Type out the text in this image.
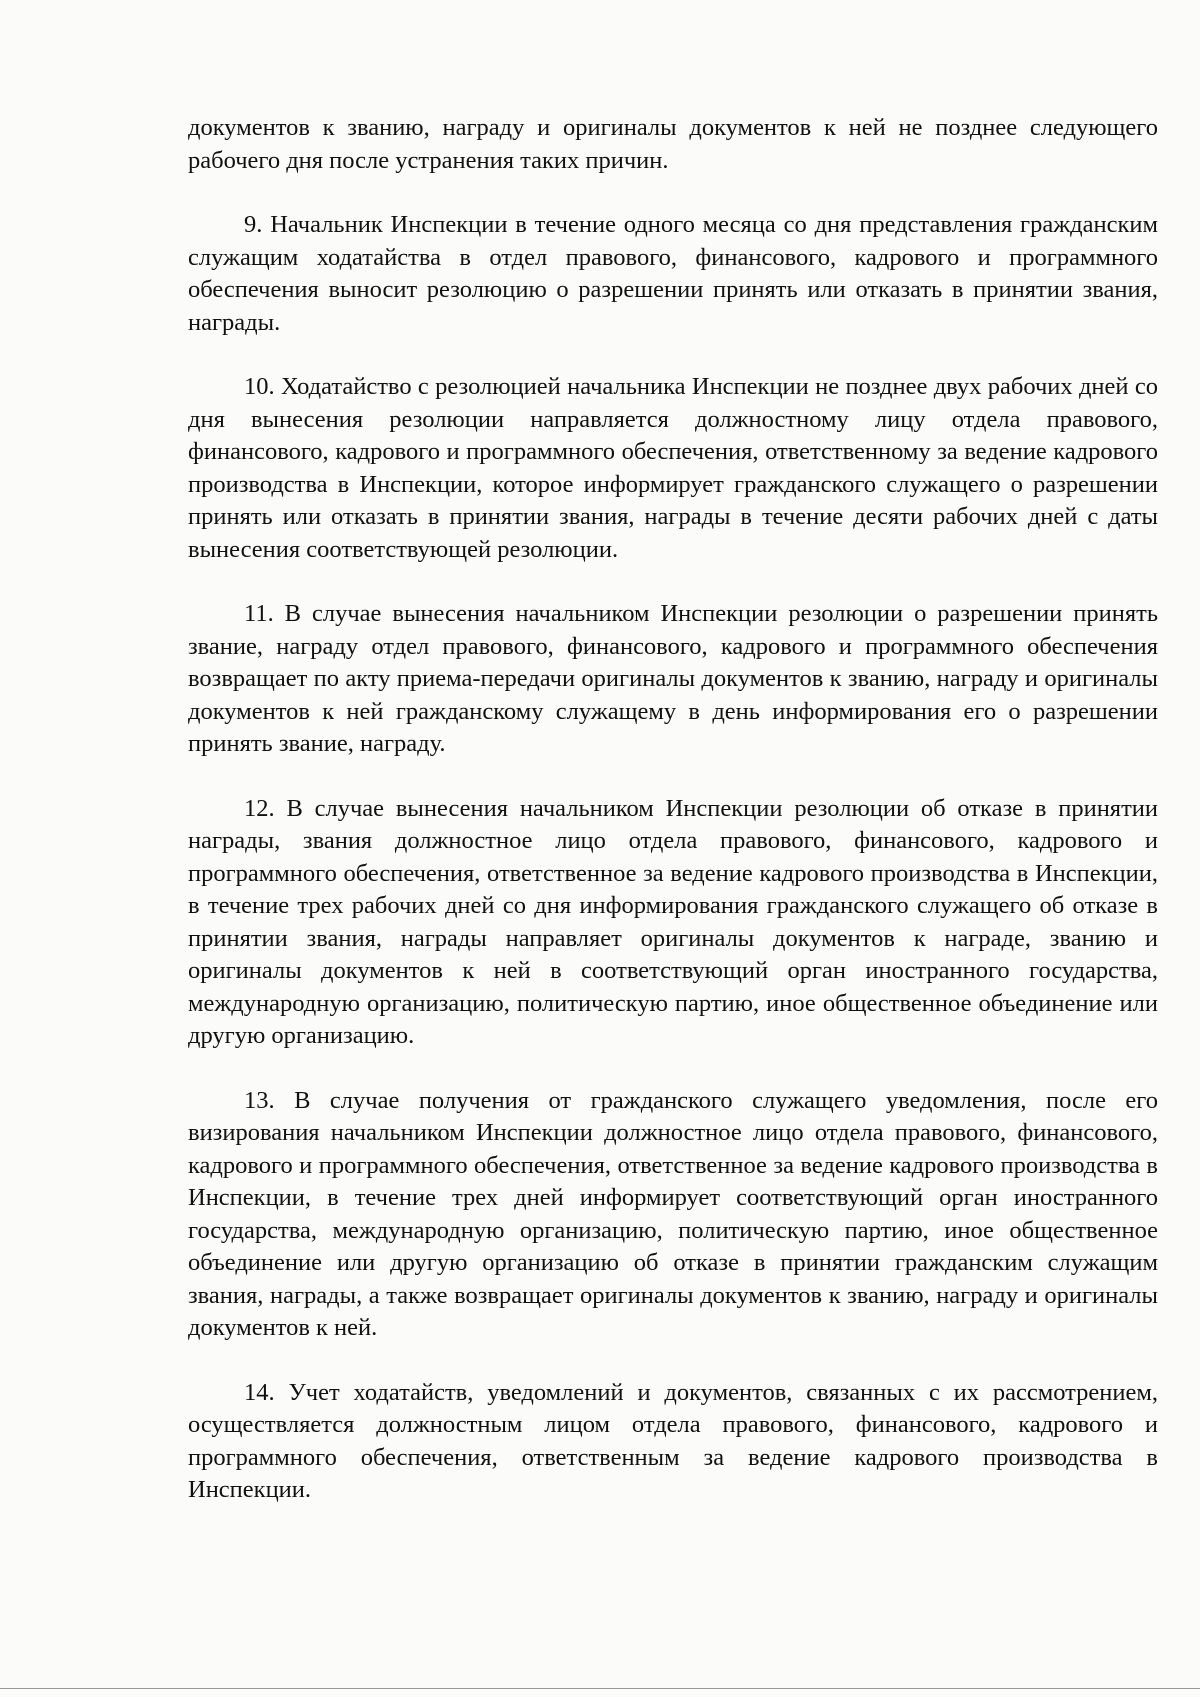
документов к званию, награду и оригиналы документов к ней не позднее следующего рабочего дня после устранения таких причин.

9. Начальник Инспекции в течение одного месяца со дня представления гражданским служащим ходатайства в отдел правового, финансового, кадрового и программного обеспечения выносит резолюцию о разрешении принять или отказать в принятии звания, награды.

10. Ходатайство с резолюцией начальника Инспекции не позднее двух рабочих дней со дня вынесения резолюции направляется должностному лицу отдела правового, финансового, кадрового и программного обеспечения, ответственному за ведение кадрового производства в Инспекции, которое информирует гражданского служащего о разрешении принять или отказать в принятии звания, награды в течение десяти рабочих дней с даты вынесения соответствующей резолюции.

11. В случае вынесения начальником Инспекции резолюции о разрешении принять звание, награду отдел правового, финансового, кадрового и программного обеспечения возвращает по акту приема-передачи оригиналы документов к званию, награду и оригиналы документов к ней гражданскому служащему в день информирования его о разрешении принять звание, награду.

12. В случае вынесения начальником Инспекции резолюции об отказе в принятии награды, звания должностное лицо отдела правового, финансового, кадрового и программного обеспечения, ответственное за ведение кадрового производства в Инспекции, в течение трех рабочих дней со дня информирования гражданского служащего об отказе в принятии звания, награды направляет оригиналы документов к награде, званию и оригиналы документов к ней в соответствующий орган иностранного государства, международную организацию, политическую партию, иное общественное объединение или другую организацию.

13. В случае получения от гражданского служащего уведомления, после его визирования начальником Инспекции должностное лицо отдела правового, финансового, кадрового и программного обеспечения, ответственное за ведение кадрового производства в Инспекции, в течение трех дней информирует соответствующий орган иностранного государства, международную организацию, политическую партию, иное общественное объединение или другую организацию об отказе в принятии гражданским служащим звания, награды, а также возвращает оригиналы документов к званию, награду и оригиналы документов к ней.

14. Учет ходатайств, уведомлений и документов, связанных с их рассмотрением, осуществляется должностным лицом отдела правового, финансового, кадрового и программного обеспечения, ответственным за ведение кадрового производства в Инспекции.
